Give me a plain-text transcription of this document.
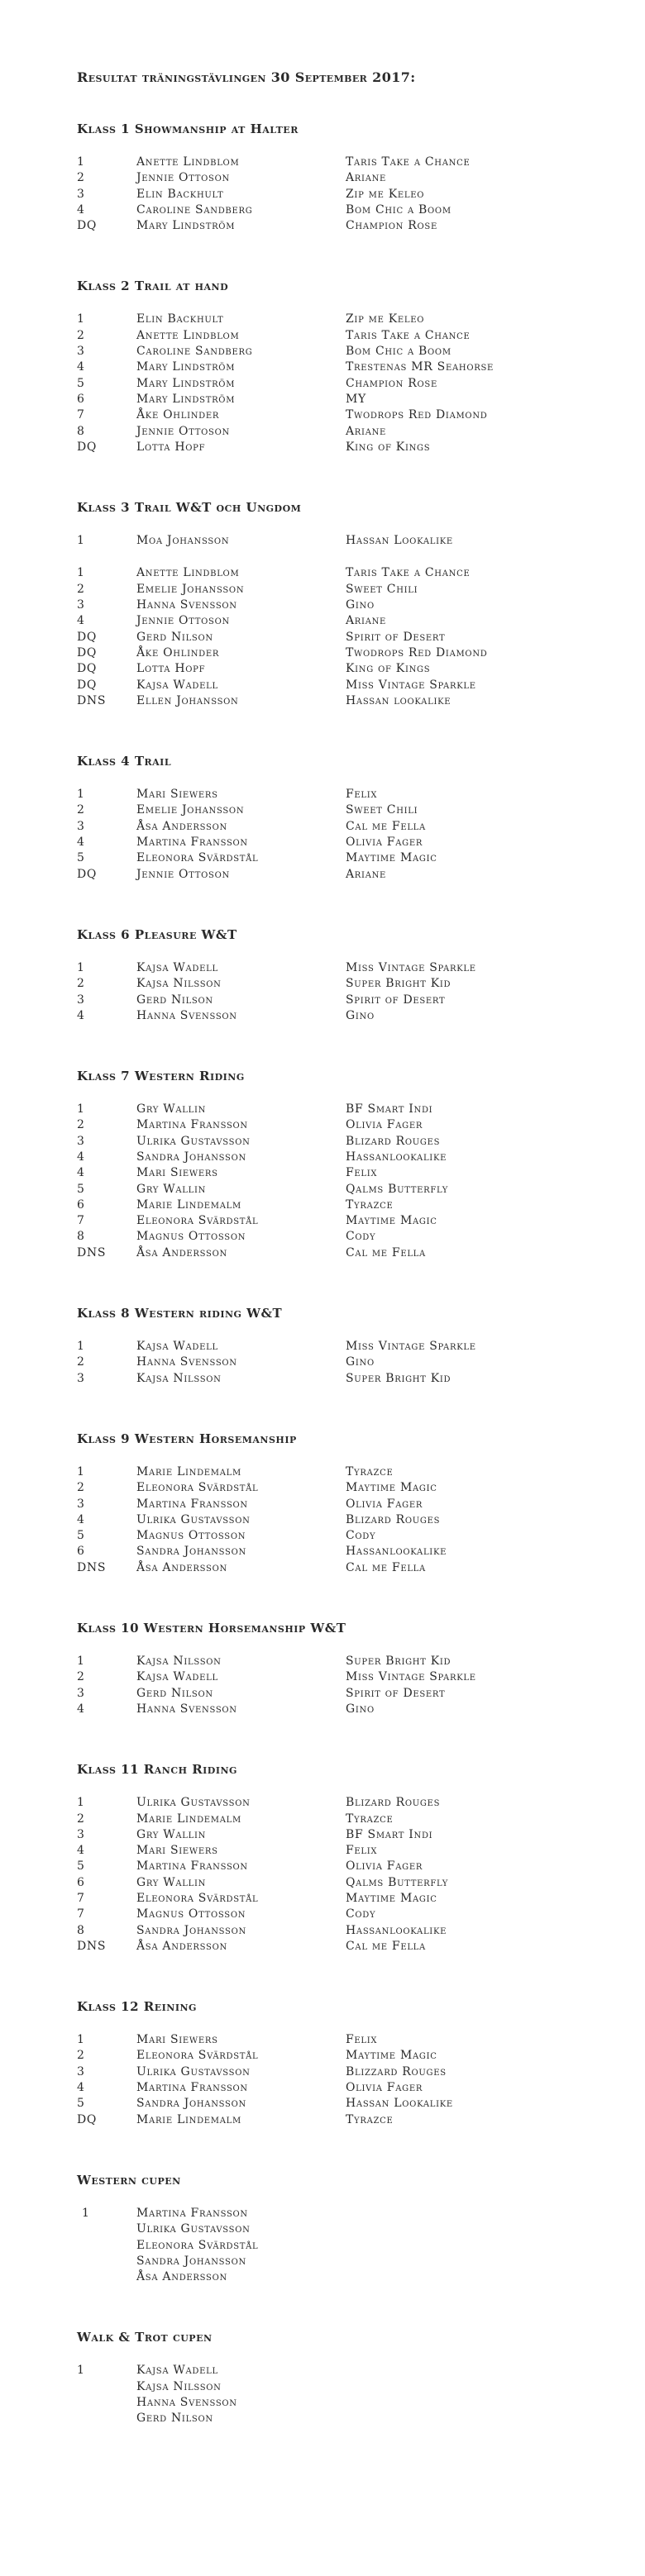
Resultat träningstävlingen 30 September 2017:
Klass 1 Showmanship at Halter
1	Anette Lindblom	Taris Take a Chance
2	Jennie Ottoson	Ariane
3	Elin Backhult	Zip me Keleo
4	Caroline Sandberg	Bom Chic a Boom
DQ	Mary Lindström	Champion Rose
Klass 2 Trail at hand
1	Elin Backhult	Zip me Keleo
2	Anette Lindblom	Taris Take a Chance
3	Caroline Sandberg	Bom Chic a Boom
4	Mary Lindström	Trestenas MR Seahorse
5	Mary Lindström	Champion Rose
6	Mary Lindström	MY
7	Åke Ohlinder	Twodrops Red Diamond
8	Jennie Ottoson	Ariane
DQ	Lotta Hopf	King of Kings
Klass 3 Trail W&T och Ungdom
1	Moa Johansson	Hassan Lookalike
1	Anette Lindblom	Taris Take a Chance
2	Emelie Johansson	Sweet Chili
3	Hanna Svensson	Gino
4	Jennie Ottoson	Ariane
DQ	Gerd Nilson	Spirit of Desert
DQ	Åke Ohlinder	Twodrops Red Diamond
DQ	Lotta Hopf	King of Kings
DQ	Kajsa Wadell	Miss Vintage Sparkle
DNS	Ellen Johansson	Hassan lookalike
Klass 4 Trail
1	Mari Siewers	Felix
2	Emelie Johansson	Sweet Chili
3	Åsa Andersson	Cal me Fella
4	Martina Fransson	Olivia Fager
5	Eleonora Svärdstål	Maytime Magic
DQ	Jennie Ottoson	Ariane
Klass 6 Pleasure W&T
1	Kajsa Wadell	Miss Vintage Sparkle
2	Kajsa Nilsson	Super Bright Kid
3	Gerd Nilson	Spirit of Desert
4	Hanna Svensson	Gino
Klass 7 Western Riding
1	Gry Wallin	BF Smart Indi
2	Martina Fransson	Olivia Fager
3	Ulrika Gustavsson	Blizard Rouges
4	Sandra Johansson	Hassanlookalike
4	Mari Siewers	Felix
5	Gry Wallin	Qalms Butterfly
6	Marie Lindemalm	Tyrazce
7	Eleonora Svärdstål	Maytime Magic
8	Magnus Ottosson	Cody
DNS	Åsa Andersson	Cal me Fella
Klass 8 Western riding W&T
1	Kajsa Wadell	Miss Vintage Sparkle
2	Hanna Svensson	Gino
3	Kajsa Nilsson	Super Bright Kid
Klass 9 Western Horsemanship
1	Marie Lindemalm	Tyrazce
2	Eleonora Svärdstål	Maytime Magic
3	Martina Fransson	Olivia Fager
4	Ulrika Gustavsson	Blizard Rouges
5	Magnus Ottosson	Cody
6	Sandra Johansson	Hassanlookalike
DNS	Åsa Andersson	Cal me Fella
Klass 10 Western Horsemanship W&T
1	Kajsa Nilsson	Super Bright Kid
2	Kajsa Wadell	Miss Vintage Sparkle
3	Gerd Nilson	Spirit of Desert
4	Hanna Svensson	Gino
Klass 11 Ranch Riding
1	Ulrika Gustavsson	Blizard Rouges
2	Marie Lindemalm	Tyrazce
3	Gry Wallin	BF Smart Indi
4	Mari Siewers	Felix
5	Martina Fransson	Olivia Fager
6	Gry Wallin	Qalms Butterfly
7	Eleonora Svärdstål	Maytime Magic
7	Magnus Ottosson	Cody
8	Sandra Johansson	Hassanlookalike
DNS	Åsa Andersson	Cal me Fella
Klass 12 Reining
1	Mari Siewers	Felix
2	Eleonora Svärdstål	Maytime Magic
3	Ulrika Gustavsson	Blizzard Rouges
4	Martina Fransson	Olivia Fager
5	Sandra Johansson	Hassan Lookalike
DQ	Marie Lindemalm	Tyrazce
Western cupen
1	Martina Fransson
Ulrika Gustavsson
Eleonora Svärdstål
Sandra Johansson
Åsa Andersson
Walk & Trot cupen
1	Kajsa Wadell
Kajsa Nilsson
Hanna Svensson
Gerd Nilson
